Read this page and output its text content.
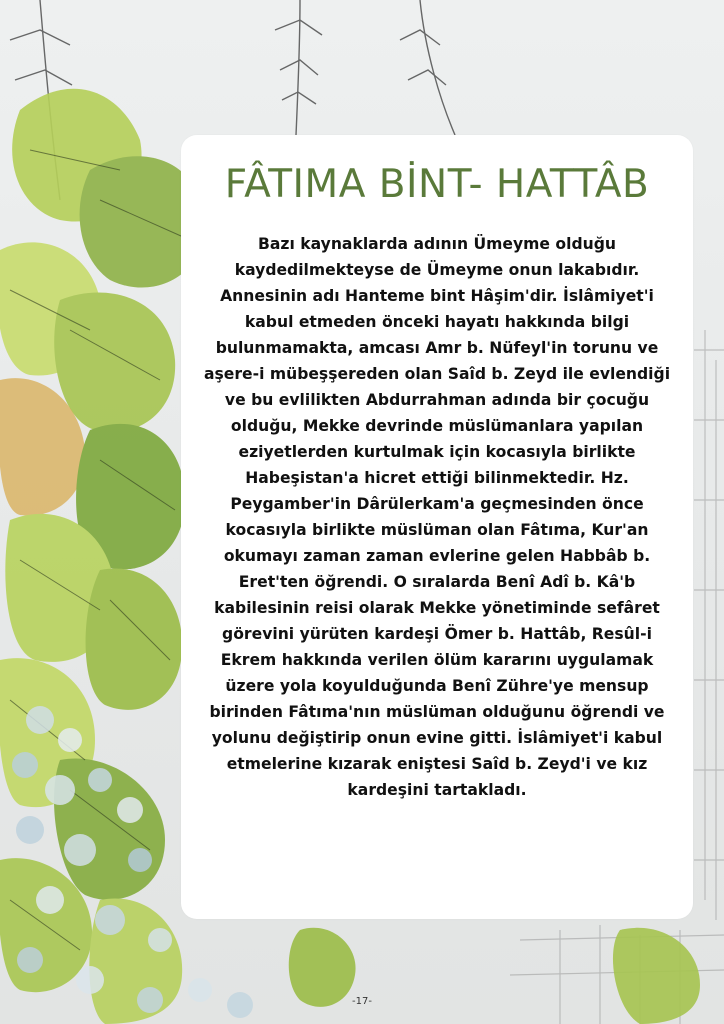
FÂTIMA BİNT- HATTÂB

Bazı kaynaklarda adının Ümeyme olduğu kaydedilmekteyse de Ümeyme onun lakabıdır. Annesinin adı Hanteme bint Hâşim'dir. İslâmiyet'i kabul etmeden önceki hayatı hakkında bilgi bulunmamakta, amcası Amr b. Nüfeyl'in torunu ve aşere-i mübeşşereden olan Saîd b. Zeyd ile evlendiği ve bu evlilikten Abdurrahman adında bir çocuğu olduğu, Mekke devrinde müslümanlara yapılan eziyetlerden kurtulmak için kocasıyla birlikte Habeşistan'a hicret ettiği bilinmektedir. Hz. Peygamber'in Dârülerkam'a geçmesinden önce kocasıyla birlikte müslüman olan Fâtıma, Kur'an okumayı zaman zaman evlerine gelen Habbâb b. Eret'ten öğrendi. O sıralarda Benî Adî b. Kâ'b kabilesinin reisi olarak Mekke yönetiminde sefâret görevini yürüten kardeşi Ömer b. Hattâb, Resûl-i Ekrem hakkında verilen ölüm kararını uygulamak üzere yola koyulduğunda Benî Zühre'ye mensup birinden Fâtıma'nın müslüman olduğunu öğrendi ve yolunu değiştirip onun evine gitti. İslâmiyet'i kabul etmelerine kızarak eniştesi Saîd b. Zeyd'i ve kız kardeşini tartakladı.

-17-
